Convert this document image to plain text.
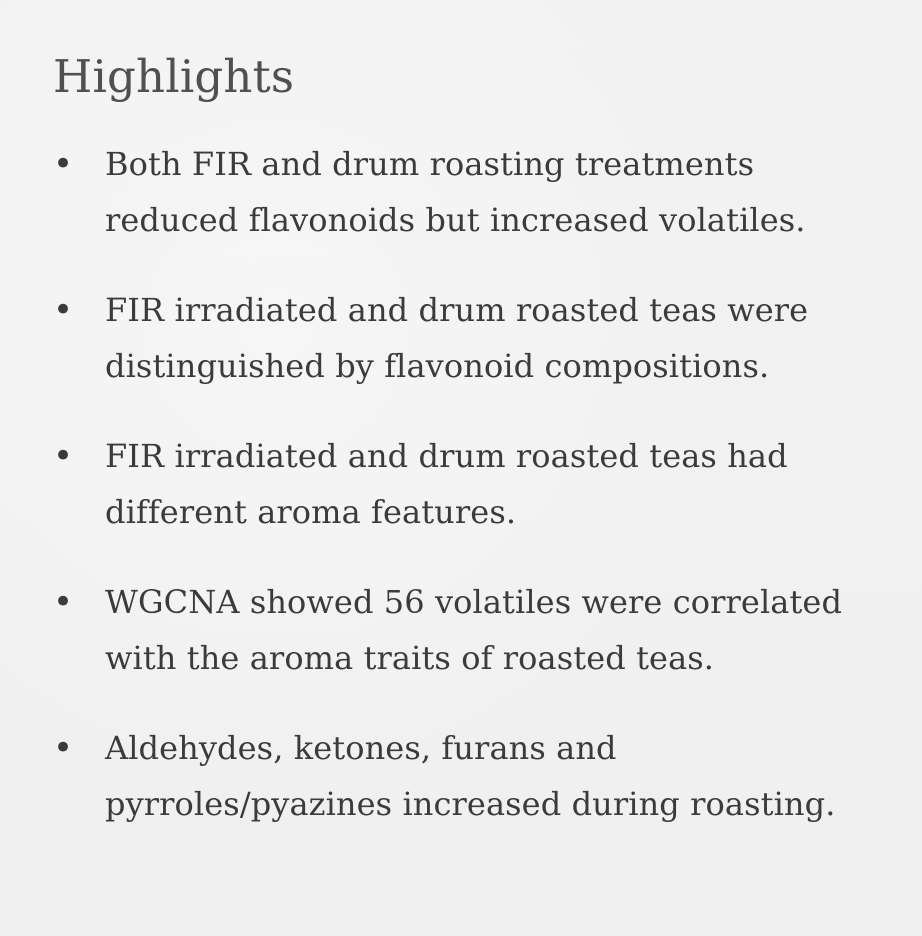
Highlights
• Both FIR and drum roasting treatments reduced flavonoids but increased volatiles.

• FIR irradiated and drum roasted teas were distinguished by flavonoid compositions.

• FIR irradiated and drum roasted teas had different aroma features.

• WGCNA showed 56 volatiles were correlated with the aroma traits of roasted teas.

• Aldehydes, ketones, furans and pyrroles/pyazines increased during roasting.
